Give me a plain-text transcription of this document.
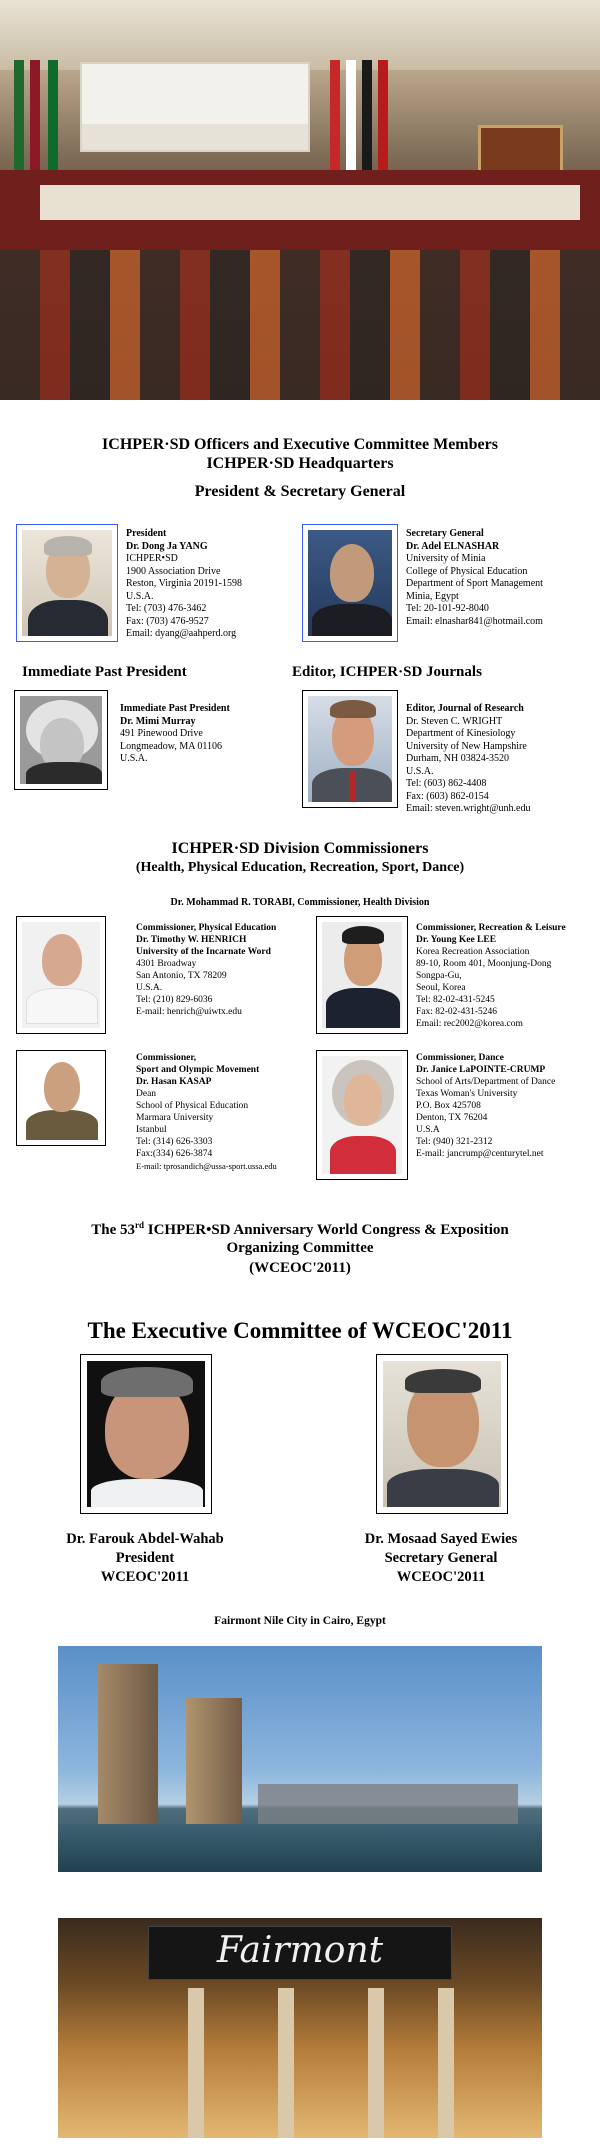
ICHPER·SD Officers and Executive Committee Members
ICHPER·SD Headquarters
President & Secretary General
President
Dr. Dong Ja YANG
ICHPER•SD
1900 Association Drive
Reston, Virginia 20191-1598
U.S.A.
Tel: (703) 476-3462
Fax: (703) 476-9527
Email: dyang@aahperd.org
Secretary General
Dr. Adel ELNASHAR
University of Minia
College of Physical Education
Department of Sport Management
Minia, Egypt
Tel: 20-101-92-8040
Email: elnashar841@hotmail.com
Immediate Past President	Editor, ICHPER·SD Journals
Immediate Past President
Dr. Mimi Murray
491 Pinewood Drive
Longmeadow, MA 01106
U.S.A.
Editor, Journal of Research
Dr. Steven C. WRIGHT
Department of Kinesiology
University of New Hampshire
Durham, NH 03824-3520
U.S.A.
Tel: (603) 862-4408
Fax: (603) 862-0154
Email: steven.wright@unh.edu
ICHPER·SD Division Commissioners
(Health, Physical Education, Recreation, Sport, Dance)
Dr. Mohammad R. TORABI, Commissioner, Health Division
Commissioner, Physical Education
Dr. Timothy W. HENRICH
University of the Incarnate Word
4301 Broadway
San Antonio, TX 78209
U.S.A.
Tel: (210) 829-6036
E-mail: henrich@uiwtx.edu
Commissioner, Recreation & Leisure
Dr. Young Kee LEE
Korea Recreation Association
89-10, Room 401, Moonjung-Dong
Songpa-Gu,
Seoul, Korea
Tel: 82-02-431-5245
Fax: 82-02-431-5246
Email: rec2002@korea.com
Commissioner,
Sport and Olympic Movement
Dr. Hasan KASAP
Dean
School of Physical Education
Marmara University
Istanbul
Tel: (314) 626-3303
Fax:(334) 626-3874
E-mail: tprosandich@ussa-sport.ussa.edu
Commissioner, Dance
Dr. Janice LaPOINTE-CRUMP
School of Arts/Department of Dance
Texas Woman's University
P.O. Box 425708
Denton, TX 76204
U.S.A
Tel: (940) 321-2312
E-mail: jancrump@centurytel.net
The 53rd ICHPER•SD Anniversary World Congress & Exposition
Organizing Committee
(WCEOC'2011)
The Executive Committee of WCEOC'2011
Dr. Farouk Abdel-Wahab
President
WCEOC'2011
Dr. Mosaad Sayed Ewies
Secretary General
WCEOC'2011
Fairmont Nile City in Cairo, Egypt
Fairmont
